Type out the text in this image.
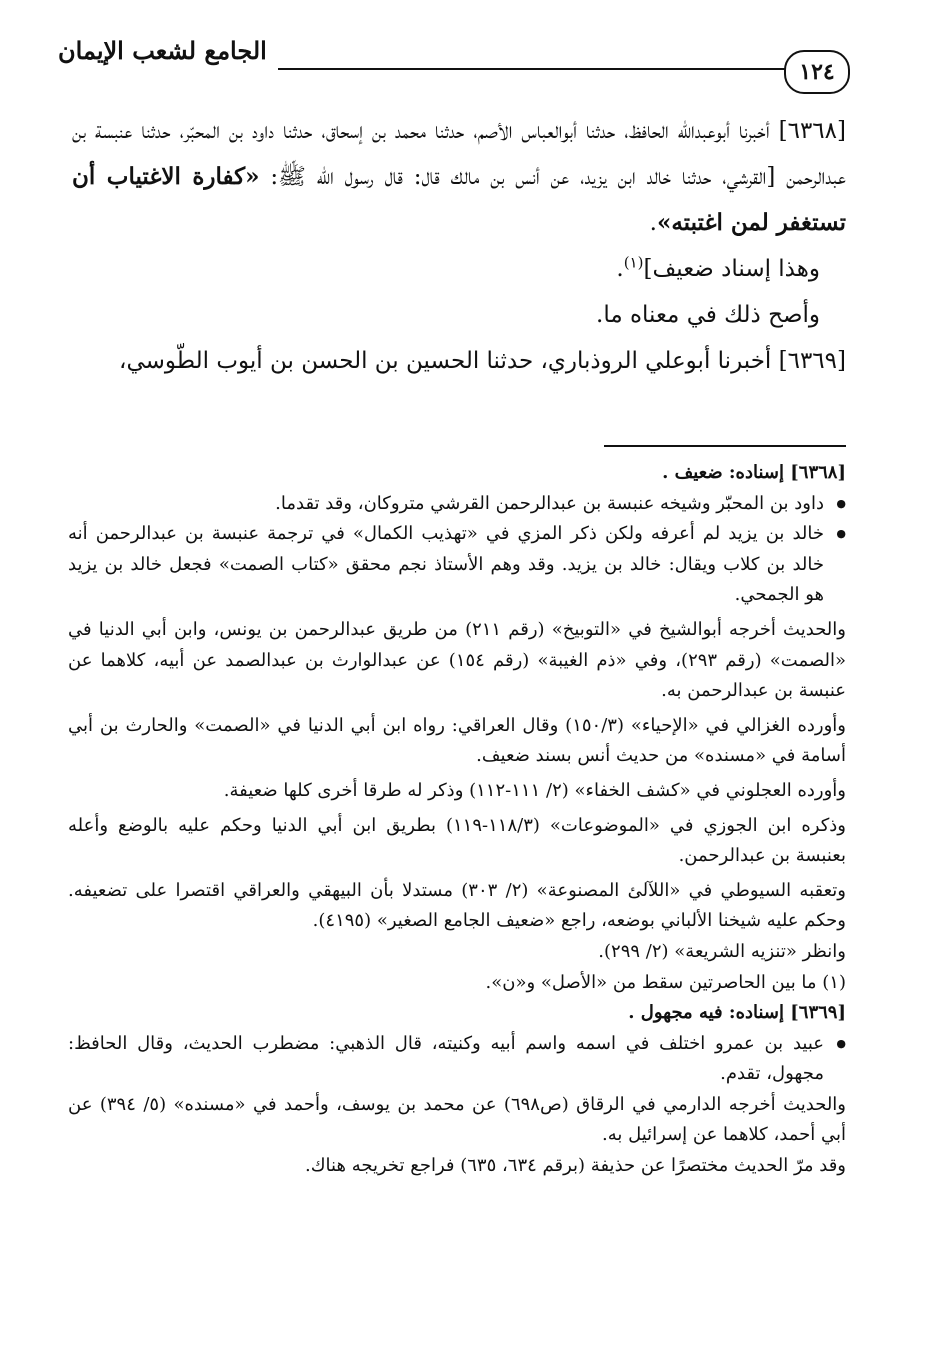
الجامع لشعب الإيمان
١٢٤

[٦٣٦٨] أخبرنا أبوعبدالله الحافظ، حدثنا أبوالعباس الأصم، حدثنا محمد بن إسحاق، حدثنا داود بن المحبّر، حدثنا عنبسة بن عبدالرحمن [القرشي، حدثنا خالد ابن يزيد، عن أنس بن مالك قال: قال رسول الله ﷺ: «كفارة الاغتياب أن تستغفر لمن اغتبته».

وهذا إسناد ضعيف]$^{(١)}$.

وأصح ذلك في معناه ما.

[٦٣٦٩] أخبرنا أبوعلي الروذباري، حدثنا الحسين بن الحسن بن أيوب الطّوسي،

[٦٣٦٨] إسناده: ضعيف .

● داود بن المحبّر وشيخه عنبسة بن عبدالرحمن القرشي متروكان، وقد تقدما.

● خالد بن يزيد لم أعرفه ولكن ذكر المزي في «تهذيب الكمال» في ترجمة عنبسة بن عبدالرحمن أنه خالد بن كلاب ويقال: خالد بن يزيد. وقد وهم الأستاذ نجم محقق «كتاب الصمت» فجعل خالد بن يزيد هو الجمحي.

والحديث أخرجه أبوالشيخ في «التوبيخ» (رقم ٢١١) من طريق عبدالرحمن بن يونس، وابن أبي الدنيا في «الصمت» (رقم ٢٩٣)، وفي «ذم الغيبة» (رقم ١٥٤) عن عبدالوارث بن عبدالصمد عن أبيه، كلاهما عن عنبسة بن عبدالرحمن به.

وأورده الغزالي في «الإحياء» (١٥٠/٣) وقال العراقي: رواه ابن أبي الدنيا في «الصمت» والحارث بن أبي أسامة في «مسنده» من حديث أنس بسند ضعيف.

وأورده العجلوني في «كشف الخفاء» (٢/ ١١١-١١٢) وذكر له طرقا أخرى كلها ضعيفة.

وذكره ابن الجوزي في «الموضوعات» (١١٨/٣-١١٩) بطريق ابن أبي الدنيا وحكم عليه بالوضع وأعله بعنبسة بن عبدالرحمن.

وتعقبه السيوطي في «اللآلئ المصنوعة» (٢/ ٣٠٣) مستدلا بأن البيهقي والعراقي اقتصرا على تضعيفه. وحكم عليه شيخنا الألباني بوضعه، راجع «ضعيف الجامع الصغير» (٤١٩٥).

وانظر «تنزيه الشريعة» (٢/ ٢٩٩).

(١) ما بين الحاصرتين سقط من «الأصل» و«ن».

[٦٣٦٩] إسناده: فيه مجهول .

● عبيد بن عمرو اختلف في اسمه واسم أبيه وكنيته، قال الذهبي: مضطرب الحديث، وقال الحافظ: مجهول، تقدم.

والحديث أخرجه الدارمي في الرقاق (ص٦٩٨) عن محمد بن يوسف، وأحمد في «مسنده» (٥/ ٣٩٤) عن أبي أحمد، كلاهما عن إسرائيل به.

وقد مرّ الحديث مختصرًا عن حذيفة (برقم ٦٣٤، ٦٣٥) فراجع تخريجه هناك.
